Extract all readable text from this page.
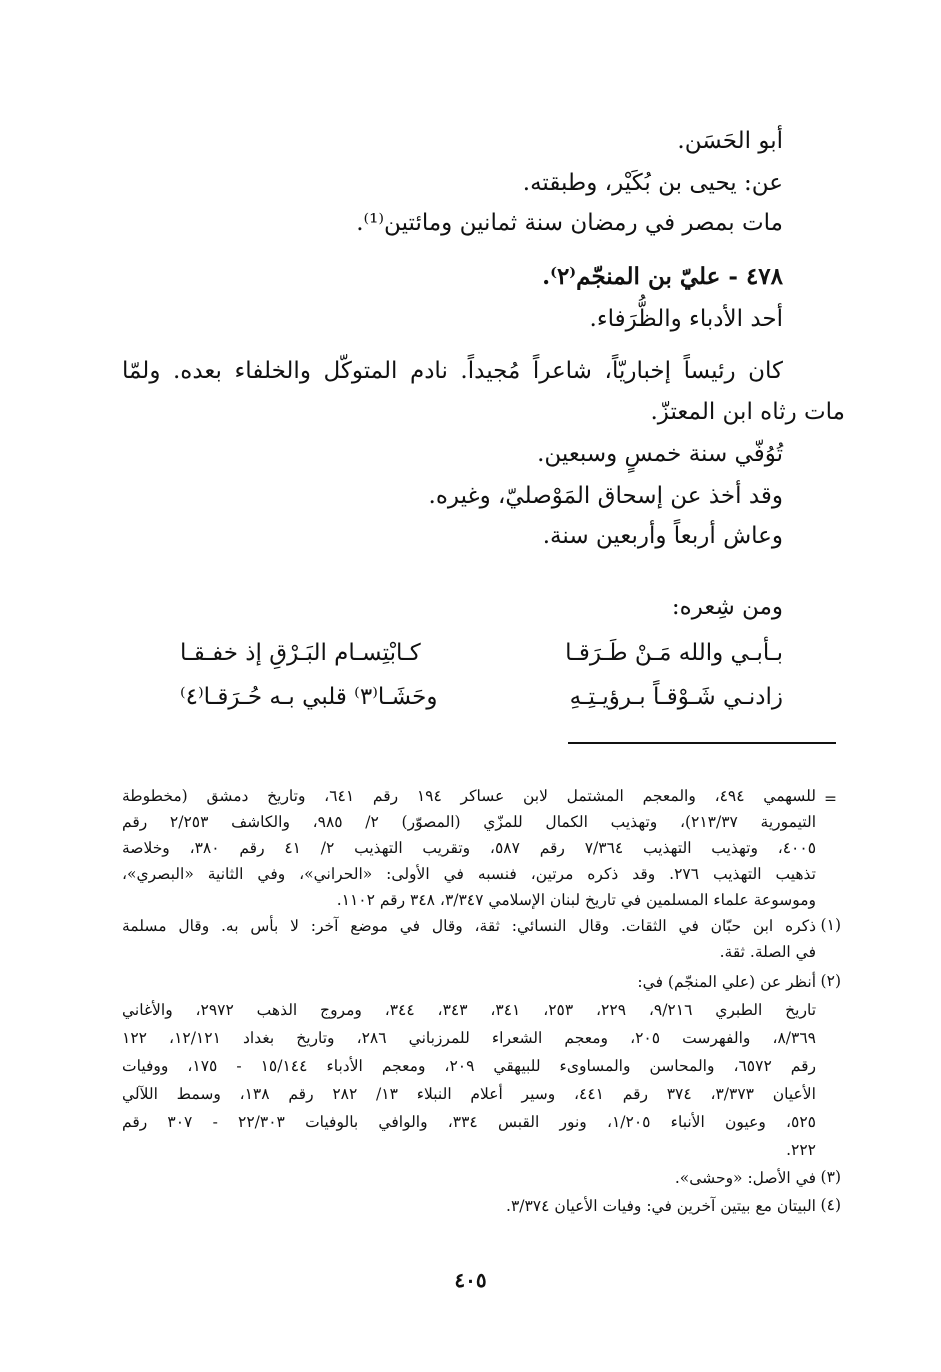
أبو الحَسَن.
عن: يحيى بن بُكَيْر، وطبقته.
مات بمصر في رمضان سنة ثمانين ومائتين⁽¹⁾.
٤٧٨ - عليّ بن المنجّم⁽٢⁾.
أحد الأدباء والظُّرَفاء.
كان رئيساً إخباريّاً، شاعراً مُجيداً. نادم المتوكّل والخلفاء بعده. ولمّا
مات رثاه ابن المعتزّ.
تُوُفّي سنة خمسٍ وسبعين.
وقد أخذ عن إسحاق المَوْصليّ، وغيره.
وعاش أربعاً وأربعين سنة.
ومن شِعره:
بـأبـي والله مَـنْ طَـرَقـا
كـابْتِسـام البَـرْقِ إذ خفـقـا
زادنـي شَـوْقـاً بـرؤيـتِـهِ
وحَشَـا⁽٣⁾ قلبي بـه حُـرَقـا⁽٤⁾
=
للسهمي ٤٩٤، والمعجم المشتمل لابن عساكر ١٩٤ رقم ٦٤١، وتاريخ دمشق (مخطوطة
التيمورية ٢١٣/٣٧)، وتهذيب الكمال للمزّي (المصوّر) ٢/ ٩٨٥، والكاشف ٢/٢٥٣ رقم
٤٠٠٥، وتهذيب التهذيب ٧/٣٦٤ رقم ٥٨٧، وتقريب التهذيب ٢/ ٤١ رقم ٣٨٠، وخلاصة
تذهيب التهذيب ٢٧٦. وقد ذكره مرتين، فنسبه في الأولى: «الحراني»، وفي الثانية «البصري»،
وموسوعة علماء المسلمين في تاريخ لبنان الإسلامي ٣/٣٤٧، ٣٤٨ رقم ١١٠٢.
(١)
ذكره ابن حبّان في الثقات. وقال النسائي: ثقة، وقال في موضع آخر: لا بأس به. وقال مسلمة
في الصلة. ثقة.
(٢)
أنظر عن (علي المنجّم) في:
تاريخ الطبري ٩/٢١٦، ٢٢٩، ٢٥٣، ٣٤١، ٣٤٣، ٣٤٤، ومروج الذهب ٢٩٧٢، والأغاني
٨/٣٦٩، والفهرست ٢٠٥، ومعجم الشعراء للمرزباني ٢٨٦، وتاريخ بغداد ١٢/١٢١، ١٢٢
رقم ٦٥٧٢، والمحاسن والمساوىء للبيهقي ٢٠٩، ومعجم الأدباء ١٥/١٤٤ - ١٧٥، ووفيات
الأعيان ٣/٣٧٣، ٣٧٤ رقم ٤٤١، وسير أعلام النبلاء ١٣/ ٢٨٢ رقم ١٣٨، وسمط اللآلي
٥٢٥، وعيون الأنباء ١/٢٠٥، ونور القبس ٣٣٤، والوافي بالوفيات ٢٢/٣٠٣ - ٣٠٧ رقم
٢٢٢.
(٣)
في الأصل: «وحشى».
(٤)
البيتان مع بيتين آخرين في: وفيات الأعيان ٣/٣٧٤.
٤٠٥
